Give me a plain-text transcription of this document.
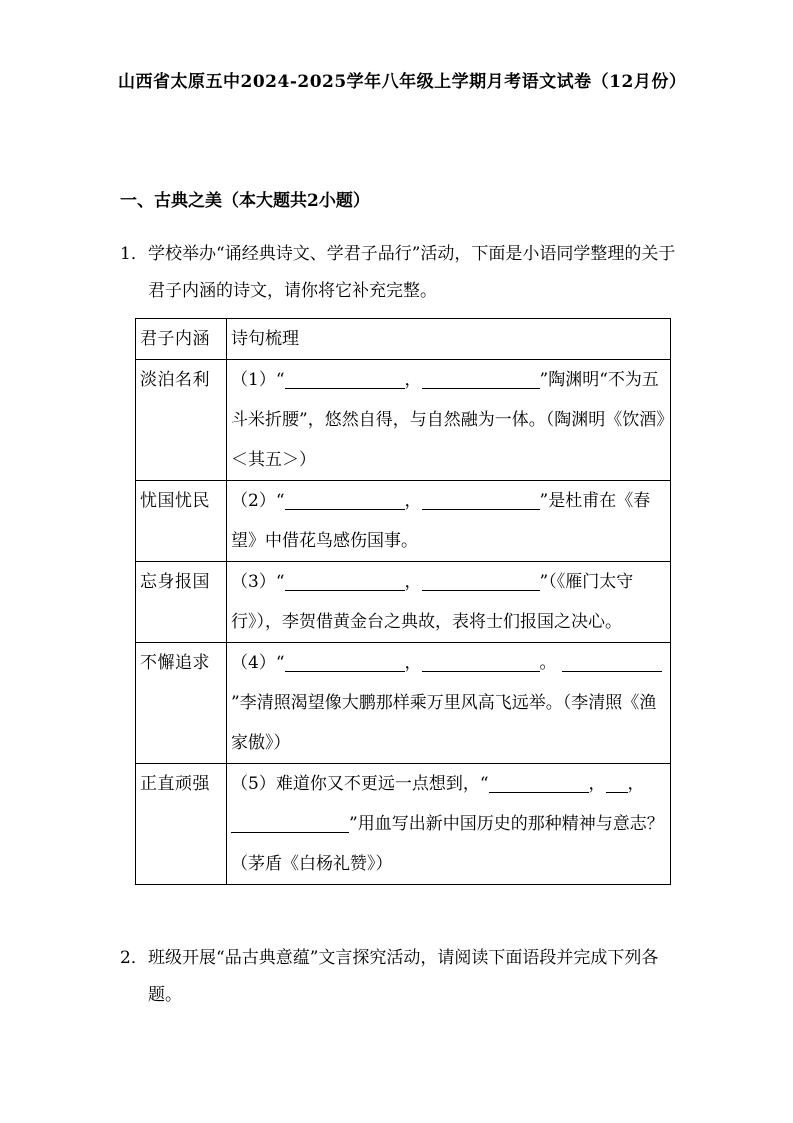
山西省太原五中2024-2025学年八年级上学期月考语文试卷（12月份）
一、古典之美（本大题共2小题）
1． 学校举办“诵经典诗文、学君子品行”活动，下面是小语同学整理的关于君子内涵的诗文，请你将它补充完整。
君子内涵	诗句梳理
淡泊名利	（1）“ ， ”陶渊明“不为五斗米折腰”，悠然自得，与自然融为一体。（陶渊明《饮酒》＜其五＞）
忧国忧民	（2）“ ， ”是杜甫在《春望》中借花鸟感伤国事。
忘身报国	（3）“ ， ”（《雁门太守行》），李贺借黄金台之典故，表将士们报国之决心。
不懈追求	（4）“ ， 。 ”李清照渴望像大鹏那样乘万里风高飞远举。（李清照《渔家傲》）
正直顽强	（5）难道你又不更远一点想到，“ ， ，”用血写出新中国历史的那种精神与意志？（茅盾《白杨礼赞》）
2． 班级开展“品古典意蕴”文言探究活动，请阅读下面语段并完成下列各题。
